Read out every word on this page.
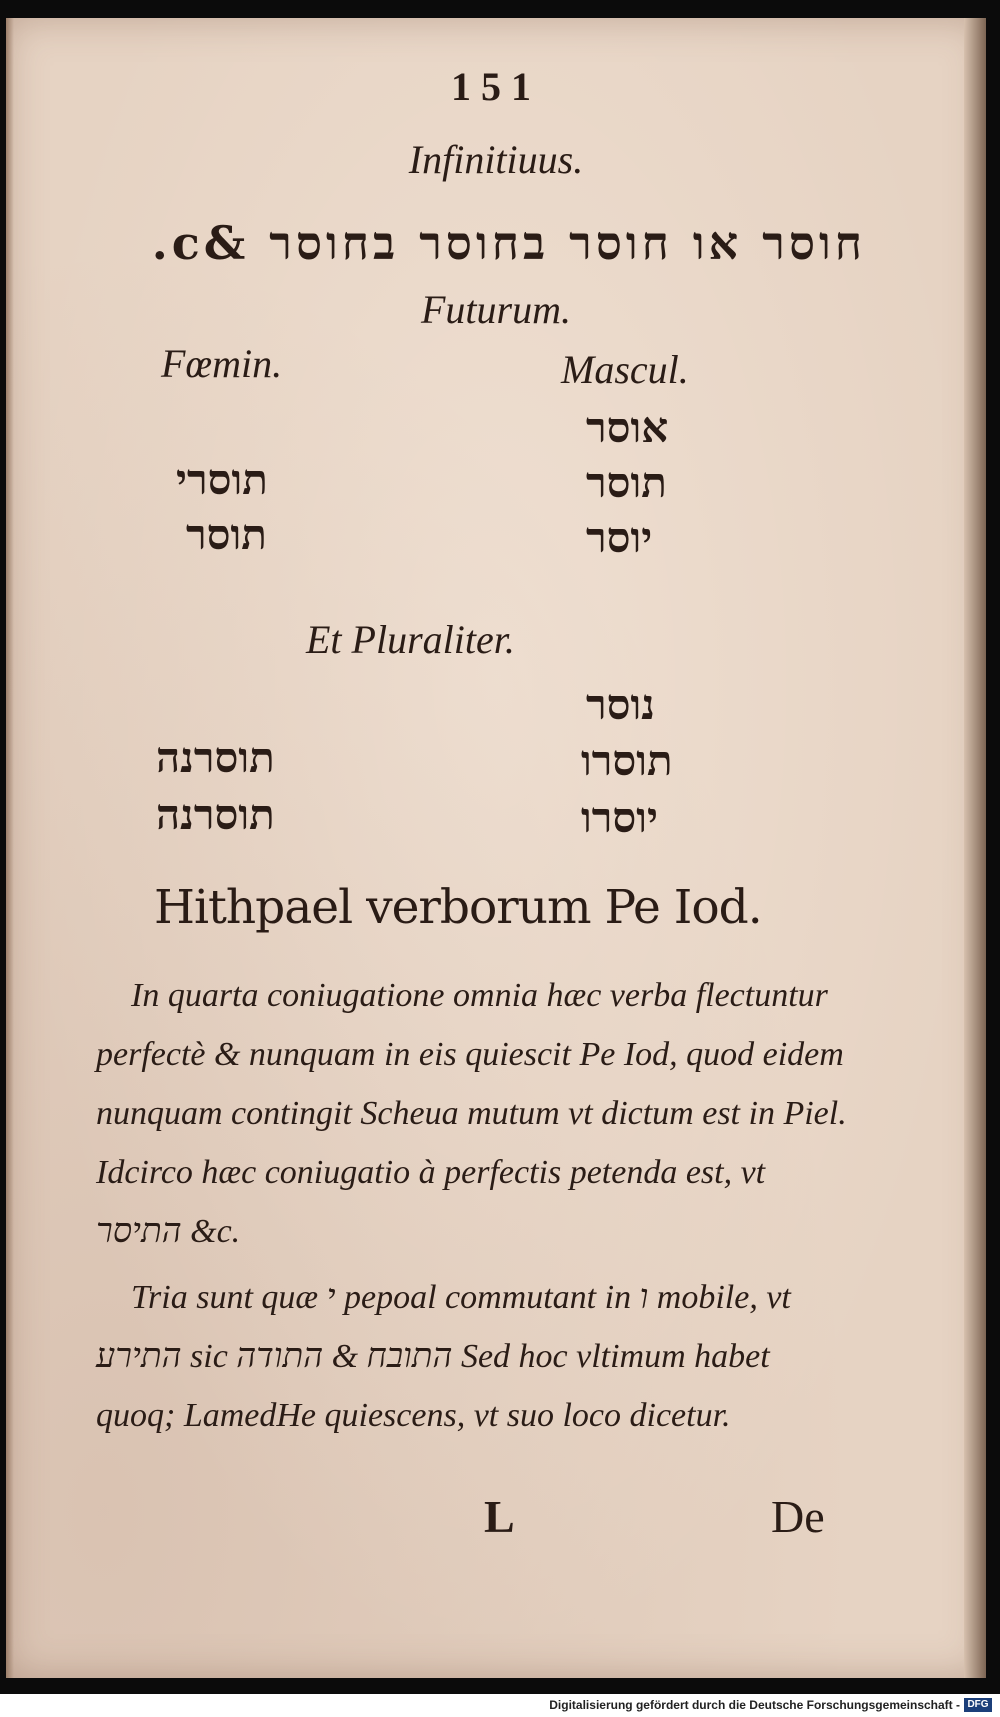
151
Infinitiuus.
חוסר או חוסר בחוסר בחוסר &c.
Futurum.
Fœmin.	Mascul.
אוסר
תוסר
יוסר
תוסרי
תוסר
Et Pluraliter.
נוסר
תוסרו
יוסרו
תוסרנה
תוסרנה
Hithpael verborum Pe Iod.

In quarta coniugatione omnia hæc verba flectuntur perfectè & nunquam in eis quiescit Pe Iod, quod eidem nunquam contingit Scheua mutum vt dictum est in Piel. Idcirco hæc coniugatio à perfectis petenda est, vt התיסר &c.

Tria sunt quæ י pepoal commutant in ו mobile, vt התירע sic התובח & התודה Sed hoc vltimum habet quoq; LamedHe quiescens, vt suo loco dicetur.

L	De
Digitalisierung gefördert durch die Deutsche Forschungsgemeinschaft - DFG
